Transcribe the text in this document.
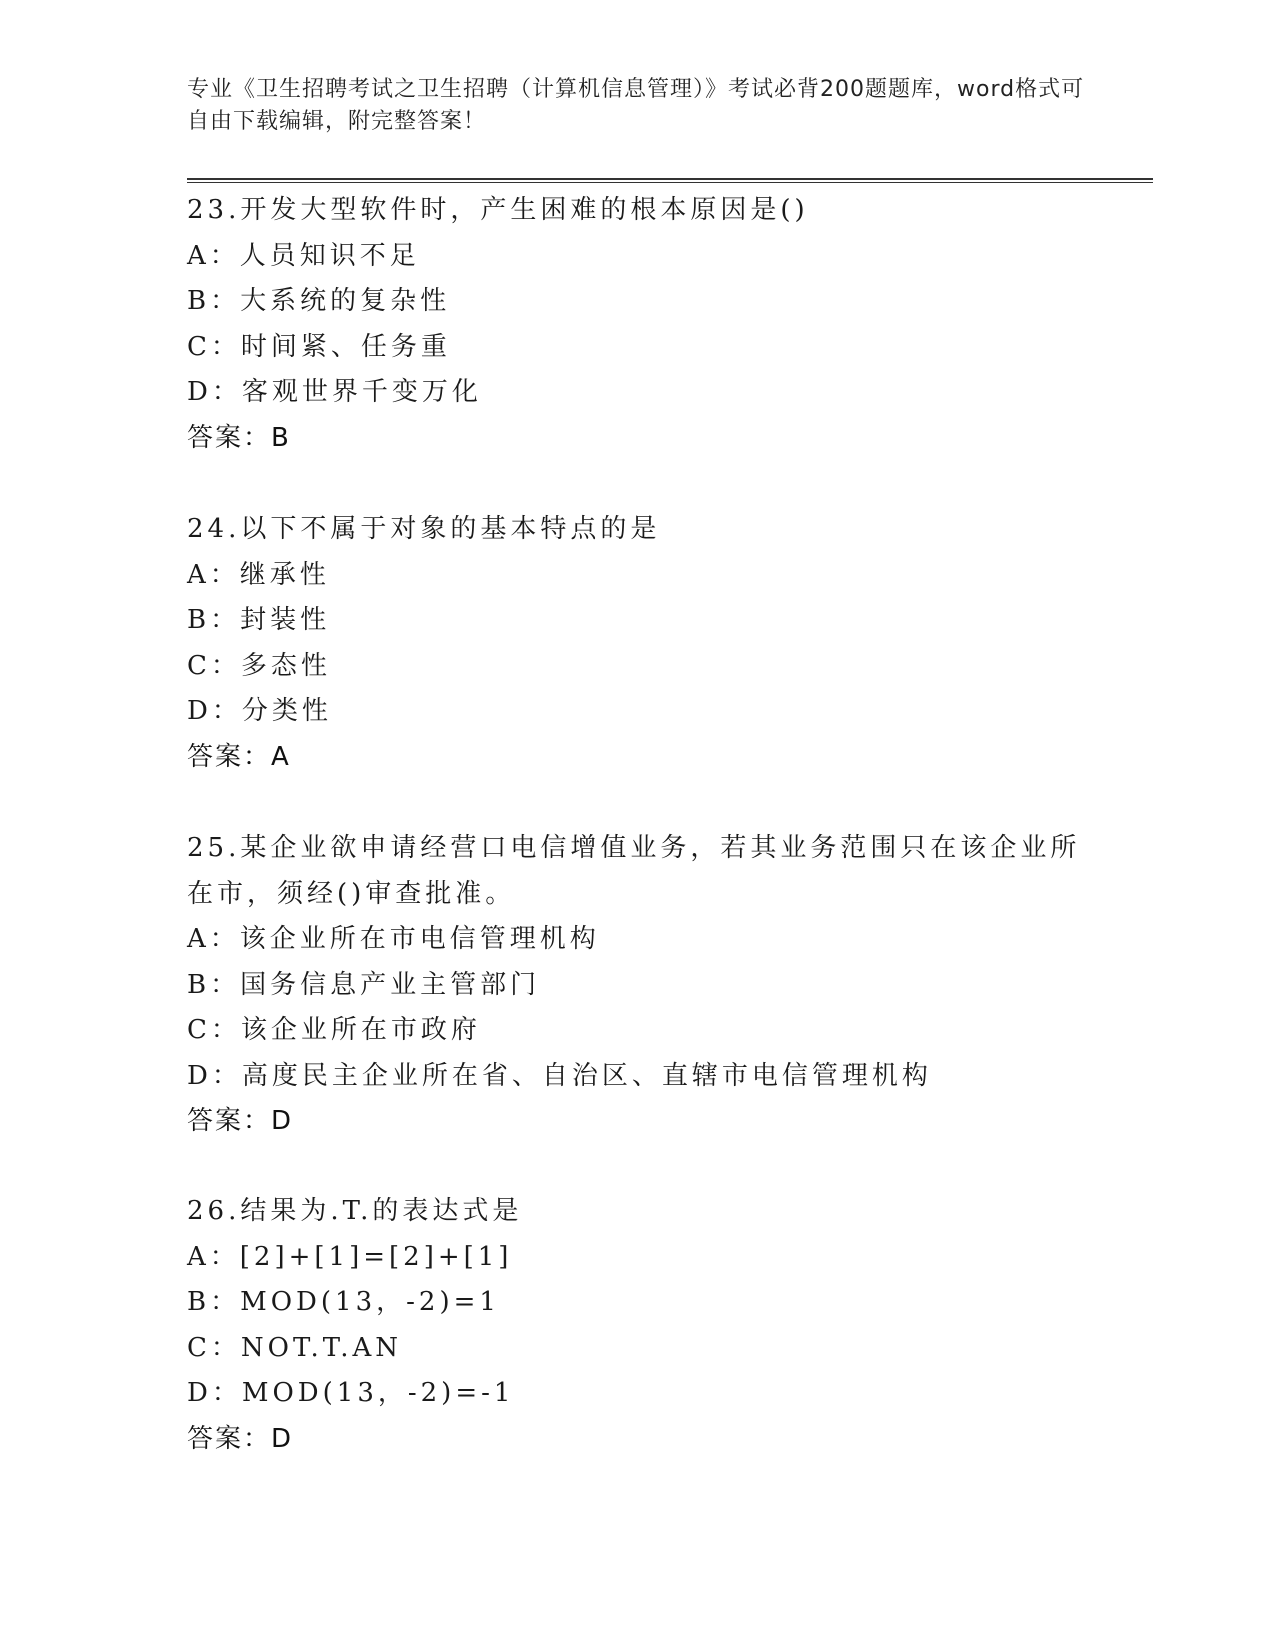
专业《卫生招聘考试之卫生招聘（计算机信息管理）》考试必背200题题库，word格式可自由下载编辑，附完整答案！
23.开发大型软件时，产生困难的根本原因是()
A：人员知识不足
B：大系统的复杂性
C：时间紧、任务重
D：客观世界千变万化
答案：B
24.以下不属于对象的基本特点的是
A：继承性
B：封装性
C：多态性
D：分类性
答案：A
25.某企业欲申请经营口电信增值业务，若其业务范围只在该企业所在市，须经()审查批准。
A：该企业所在市电信管理机构
B：国务信息产业主管部门
C：该企业所在市政府
D：高度民主企业所在省、自治区、直辖市电信管理机构
答案：D
26.结果为.T.的表达式是
A：[2]+[1]=[2]+[1]
B：MOD(13，-2)=1
C：NOT.T.AN
D：MOD(13，-2)=-1
答案：D
